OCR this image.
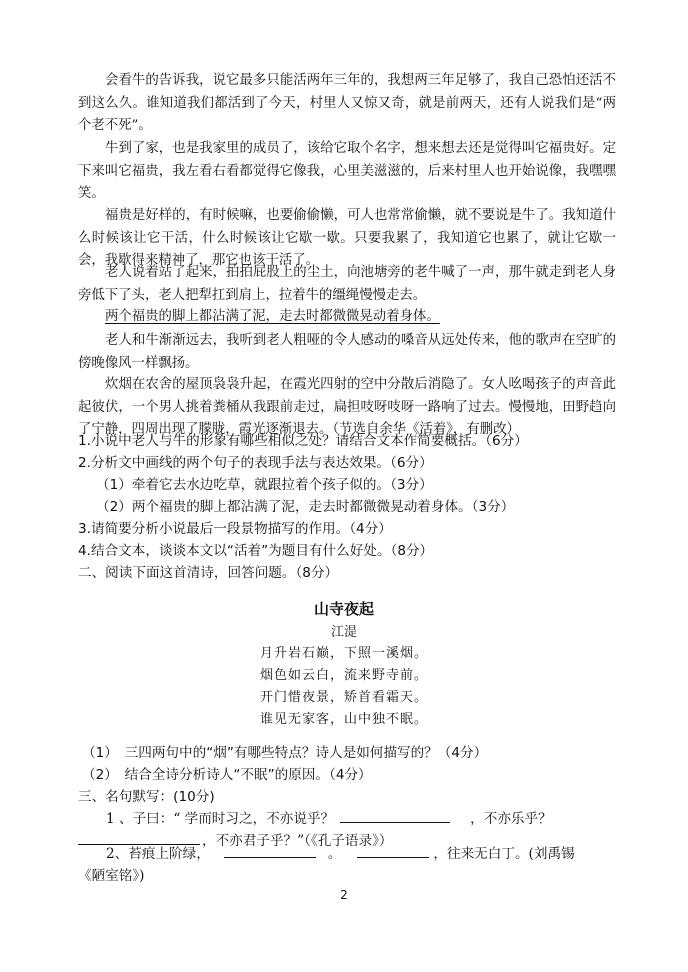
会看牛的告诉我，说它最多只能活两年三年的，我想两三年足够了，我自己恐怕还活不到这么久。谁知道我们都活到了今天，村里人又惊又奇，就是前两天，还有人说我们是“两个老不死”。

牛到了家，也是我家里的成员了，该给它取个名字，想来想去还是觉得叫它福贵好。定下来叫它福贵，我左看右看都觉得它像我，心里美滋滋的，后来村里人也开始说像，我嘿嘿笑。

福贵是好样的，有时候嘛，也要偷偷懒，可人也常常偷懒，就不要说是牛了。我知道什么时候该让它干活，什么时候该让它歇一歇。只要我累了，我知道它也累了，就让它歇一会，我歇得来精神了，那它也该干活了。

老人说着站了起来，拍拍屁股上的尘土，向池塘旁的老牛喊了一声，那牛就走到老人身旁低下了头，老人把犁扛到肩上，拉着牛的缰绳慢慢走去。

两个福贵的脚上都沾满了泥，走去时都微微晃动着身体。

老人和牛渐渐远去，我听到老人粗哑的令人感动的嗓音从远处传来，他的歌声在空旷的傍晚像风一样飘扬。

炊烟在农舍的屋顶袅袅升起，在霞光四射的空中分散后消隐了。女人吆喝孩子的声音此起彼伏，一个男人挑着粪桶从我跟前走过，扁担吱呀吱呀一路响了过去。慢慢地，田野趋向了宁静，四周出现了朦胧，霞光逐渐退去。（节选自余华《活着》，有删改）

1.小说中老人与牛的形象有哪些相似之处？请结合文本作简要概括。（6分）

2.分析文中画线的两个句子的表现手法与表达效果。（6分）

（1）牵着它去水边吃草，就跟拉着个孩子似的。（3分）

（2）两个福贵的脚上都沾满了泥，走去时都微微晃动着身体。（3分）

3.请简要分析小说最后一段景物描写的作用。（4分）

4.结合文本，谈谈本文以“活着”为题目有什么好处。（8分）

二、阅读下面这首清诗，回答问题。（8分）

山寺夜起
江湜
月升岩石巅，下照一溪烟。
烟色如云白，流来野寺前。
开门惜夜景，矫首看霜天。
谁见无家客，山中独不眠。

（1）　三四两句中的“烟”有哪些特点？诗人是如何描写的？（4分）

（2）　结合全诗分析诗人“不眠”的原因。（4分）

三、名句默写：(10分)

1 、子曰：“ 学而时习之，不亦说乎？	，不亦乐乎？

，不亦君子乎？”（《孔子语录》）

2、苔痕上阶绿，	。	，往来无白丁。(刘禹锡

《陋室铭》)

2
